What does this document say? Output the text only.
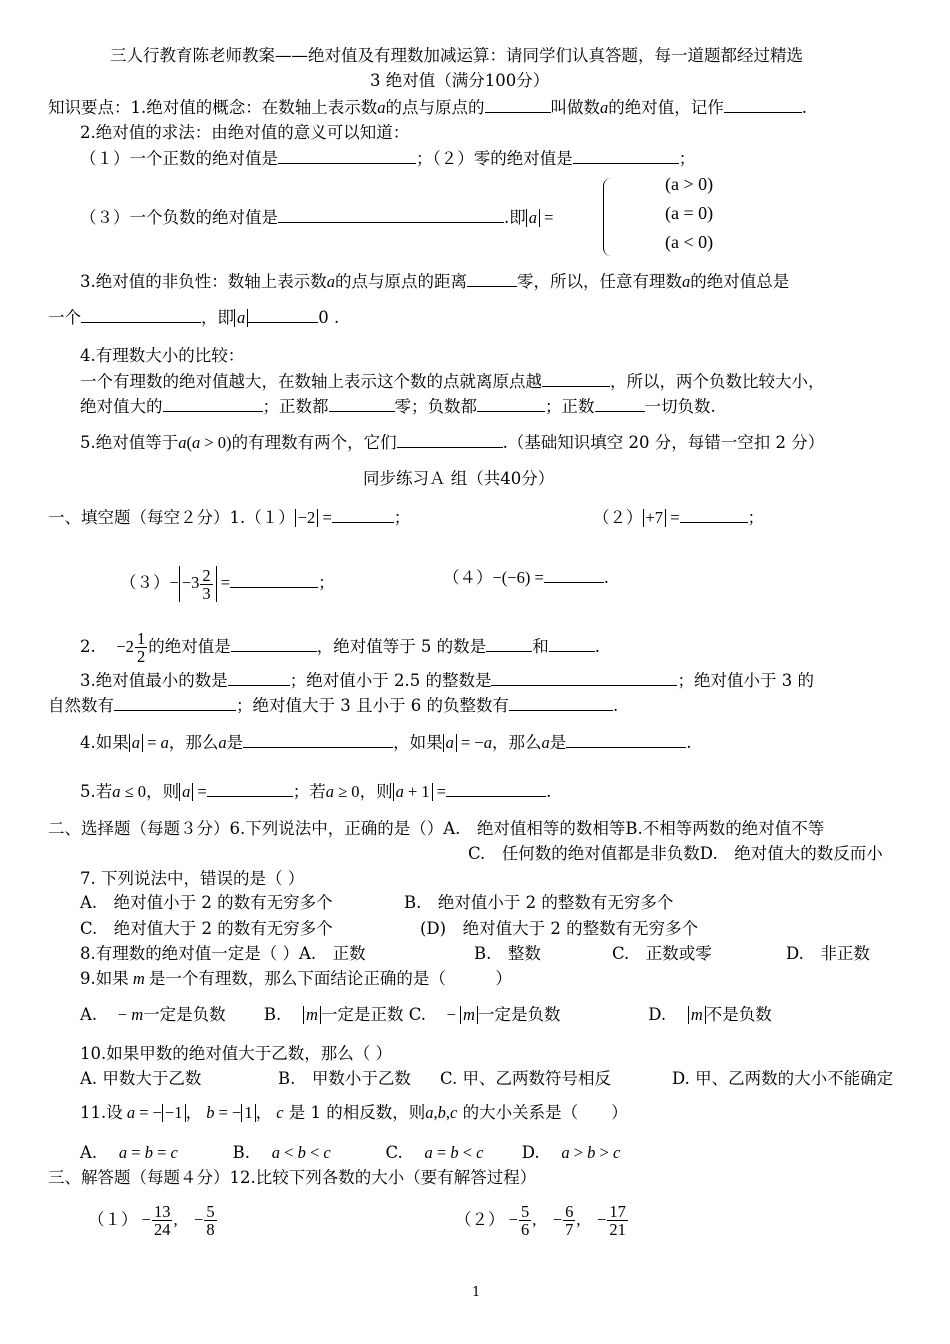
三人行教育陈老师教案——绝对值及有理数加减运算：请同学们认真答题，每一道题都经过精选
3 绝对值（满分100分）
知识要点：1.绝对值的概念：在数轴上表示数a的点与原点的	叫做数a的绝对值，记作	.
2.绝对值的求法：由绝对值的意义可以知道：
（１）一个正数的绝对值是	；（２）零的绝对值是	；
（３）一个负数的绝对值是	.即 a =
(a > 0)
(a = 0)
(a < 0)
3.绝对值的非负性：数轴上表示数a的点与原点的距离	零，所以，任意有理数a的绝对值总是
一个	，即 a	0 .
4.有理数大小的比较：
一个有理数的绝对值越大，在数轴上表示这个数的点就离原点越	，所以，两个负数比较大小，
绝对值大的	；正数都	零；负数都	；正数	一切负数.
5.绝对值等于a(a > 0)的有理数有两个，它们	.（基础知识填空 20 分，每错一空扣 2 分）
同步练习Ａ 组（共40分）
一、填空题（每空２分）1.（１） −2 =	；	（２） +7 =	；
$(3)- -3 \frac{2}{3}$ =	；	（４）−(−6) =	.
2.　 $-2 \frac{1}{2}$ 的绝对值是	，绝对值等于 5 的数是	和	.
3.绝对值最小的数是	；绝对值小于 2.5 的整数是	；绝对值小于 3 的
自然数有	；绝对值大于 3 且小于 6 的负整数有	.
4.如果 a = a，那么a是	，如果 a = −a，那么a是	.
5.若a ≤ 0，则 a =	；若a ≥ 0，则 a + 1 =	.
二、选择题（每题３分）6.下列说法中，正确的是（）A.　 绝对值相等的数相等B.不相等两数的绝对值不等
C.　 任何数的绝对值都是非负数D.　 绝对值大的数反而小
7. 下列说法中，错误的是（ ）
A.　绝对值小于 2 的数有无穷多个	B.　绝对值小于 2 的整数有无穷多个
C.　绝对值大于 2 的数有无穷多个	(D)　绝对值大于 2 的整数有无穷多个
8.有理数的绝对值一定是（ ）A.　正数	B.　整数	C.　正数或零	D.　非正数
9.如果 m 是一个有理数，那么下面结论正确的是（　　　）
A.　 − m一定是负数　　 B.　 m 一定是正数 C.　 − m 一定是负数　　　　　	D.　 m 不是负数
10.如果甲数的绝对值大于乙数，那么（ ）
A. 甲数大于乙数	B.　甲数小于乙数 C. 甲、乙两数符号相反	D. 甲、乙两数的大小不能确定
11.设 a = − −1 ， b = − 1 ， c 是 1 的相反数，则a,b,c 的大小关系是（　　）
A.　 a = b = c　　　	B.　 a < b < c　　　	C.　 a = b < c　　 D.　 a > b > c
三、解答题（每题４分）12.比较下列各数的大小（要有解答过程）
$(1) - \frac{13}{24}$ ,　− $\frac{5}{8}$	$(2) - \frac{5}{6}$ ,　− $\frac{6}{7}$ ,　− $\frac{17}{21}$
1
